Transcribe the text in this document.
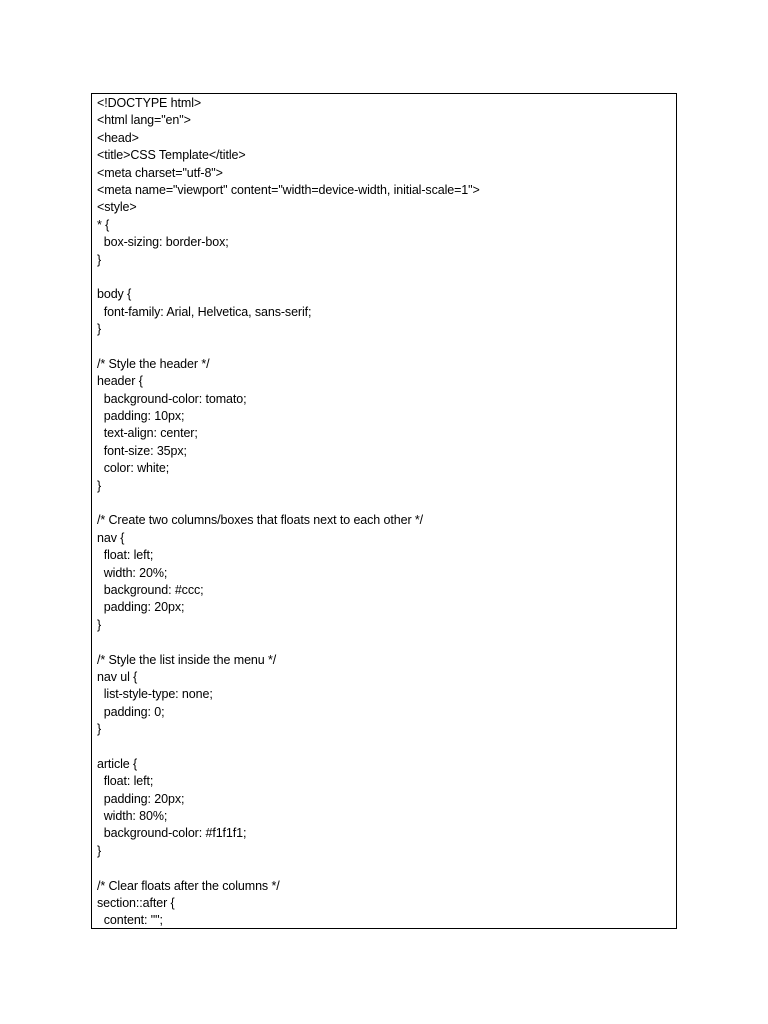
<!DOCTYPE html>
<html lang="en">
<head>
<title>CSS Template</title>
<meta charset="utf-8">
<meta name="viewport" content="width=device-width, initial-scale=1">
<style>
* {
box-sizing: border-box;
}
body {
font-family: Arial, Helvetica, sans-serif;
}
/* Style the header */
header {
background-color: tomato;
padding: 10px;
text-align: center;
font-size: 35px;
color: white;
}
/* Create two columns/boxes that floats next to each other */
nav {
float: left;
width: 20%;
background: #ccc;
padding: 20px;
}
/* Style the list inside the menu */
nav ul {
list-style-type: none;
padding: 0;
}
article {
float: left;
padding: 20px;
width: 80%;
background-color: #f1f1f1;
}
/* Clear floats after the columns */
section::after {
content: "";
